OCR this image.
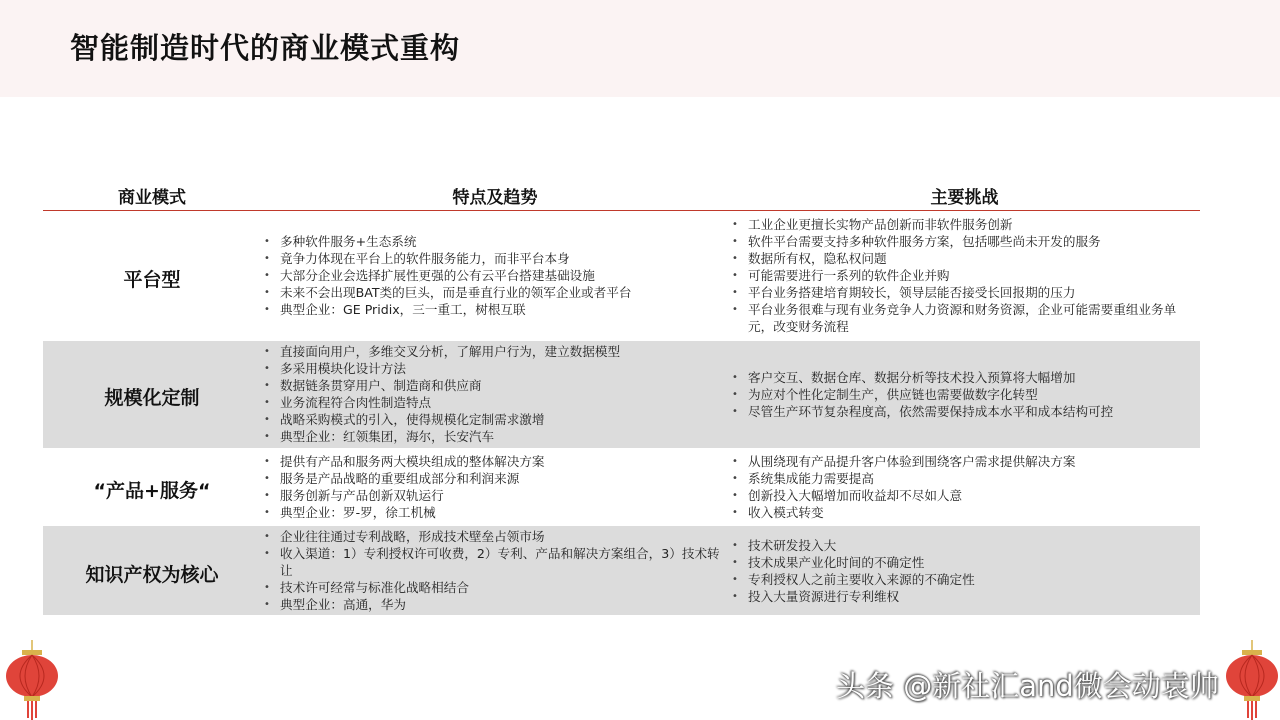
智能制造时代的商业模式重构
商业模式	特点及趋势	主要挑战
平台型
• 多种软件服务+生态系统
• 竟争力体现在平台上的软件服务能力，而非平台本身
• 大部分企业会选择扩展性更强的公有云平台搭建基础设施
• 未来不会出现BAT类的巨头，而是垂直行业的领军企业或者平台
• 典型企业：GE Pridix，三一重工，树根互联
• 工业企业更擅长实物产品创新而非软件服务创新
• 软件平台需要支持多种软件服务方案，包括哪些尚未开发的服务
• 数据所有权，隐私权问题
• 可能需要进行一系列的软件企业并购
• 平台业务搭建培育期较长，领导层能否接受长回报期的压力
• 平台业务很难与现有业务竞争人力资源和财务资源，企业可能需要重组业务单元，改变财务流程
规模化定制
• 直接面向用户，多维交叉分析，了解用户行为，建立数据模型
• 多采用模块化设计方法
• 数据链条贯穿用户、制造商和供应商
• 业务流程符合肉性制造特点
• 战略采购模式的引入，使得规模化定制需求激增
• 典型企业：红领集团，海尔，长安汽车
• 客户交互、数据仓库、数据分析等技术投入预算将大幅增加
• 为应对个性化定制生产，供应链也需要做数字化转型
• 尽管生产环节复杂程度高，依然需要保持成本水平和成本结构可控
“产品+服务“
• 提供有产品和服务两大模块组成的整体解决方案
• 服务是产品战略的重要组成部分和利润来源
• 服务创新与产品创新双轨运行
• 典型企业：罗-罗，徐工机械
• 从围绕现有产品提升客户体验到围绕客户需求提供解决方案
• 系统集成能力需要提高
• 创新投入大幅增加而收益却不尽如人意
• 收入模式转变
知识产权为核心
• 企业往往通过专利战略，形成技术壁垒占领市场
• 收入渠道：1）专利授权许可收费，2）专利、产品和解决方案组合，3）技术转让
• 技术许可经常与标准化战略相结合
• 典型企业：高通，华为
• 技术研发投入大
• 技术成果产业化时间的不确定性
• 专利授权人之前主要收入来源的不确定性
• 投入大量资源进行专利维权
头条 @新社汇and微会动袁帅
